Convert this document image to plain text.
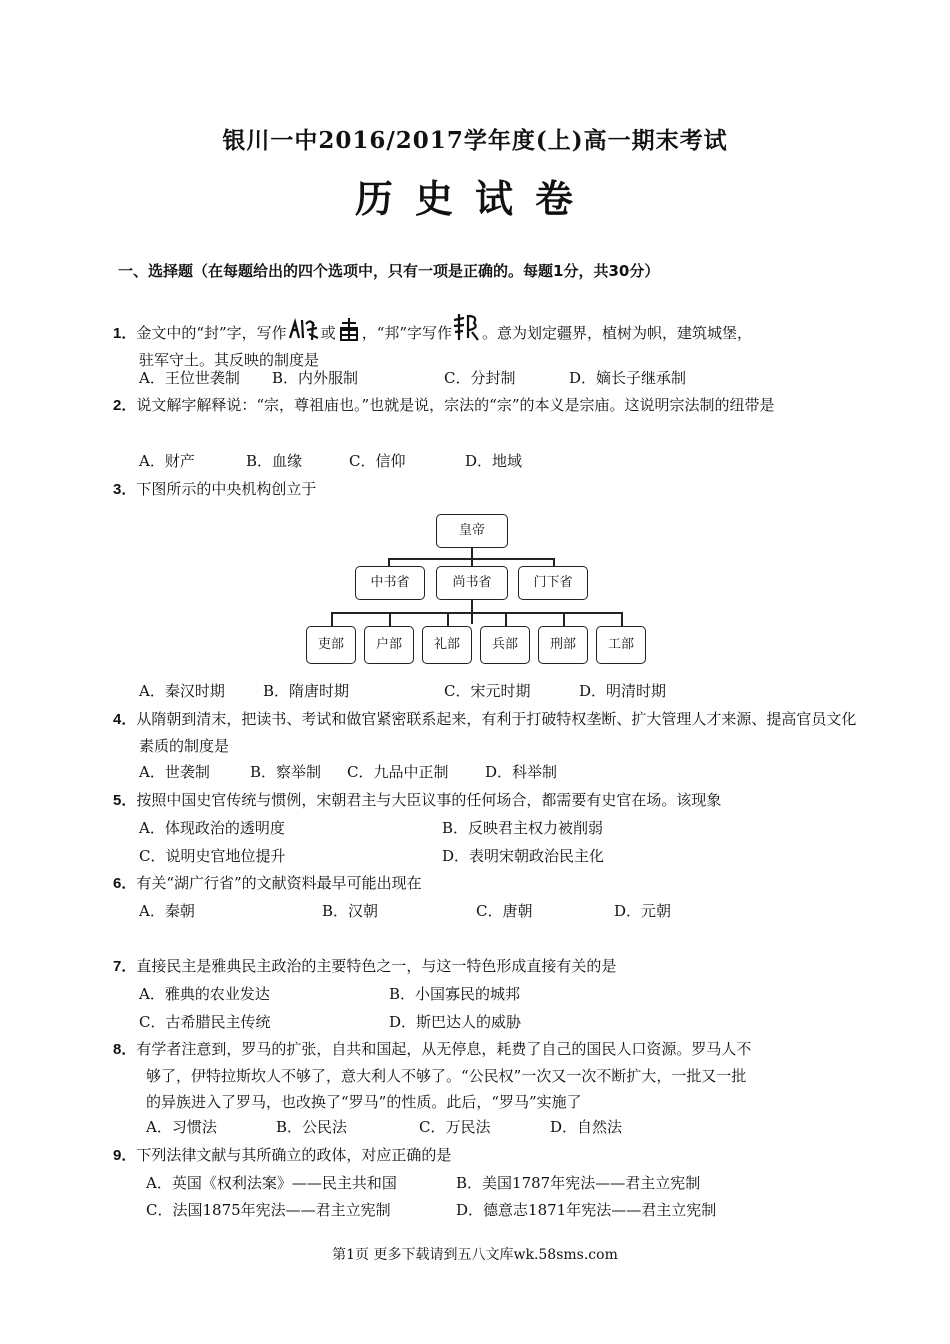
银川一中2016/2017学年度(上)高一期末考试
历史试卷
一、选择题（在每题给出的四个选项中，只有一项是正确的。每题1分，共30分）
1．金文中的“封”字，写作 或 ，“邦”字写作 。意为划定疆界，植树为帜，建筑城堡，
驻军守土。其反映的制度是
A．王位世袭制 B．内外服制	C．分封制	D．嫡长子继承制
2．说文解字解释说：“宗，尊祖庙也。”也就是说，宗法的“宗”的本义是宗庙。这说明宗法制的纽带是
A．财产	B．血缘	C．信仰	D．地域
3．下图所示的中央机构创立于
皇帝
中书省	尚书省	门下省
吏部	户部	礼部	兵部	刑部	工部
A．秦汉时期	B．隋唐时期	C．宋元时期	D．明清时期
4．从隋朝到清末，把读书、考试和做官紧密联系起来，有利于打破特权垄断、扩大管理人才来源、提高官员文化素质的制度是
A．世袭制	B．察举制 C．九品中正制 D．科举制
5．按照中国史官传统与惯例，宋朝君主与大臣议事的任何场合，都需要有史官在场。该现象
A．体现政治的透明度	B．反映君主权力被削弱
C．说明史官地位提升	D．表明宋朝政治民主化
6．有关“湖广行省”的文献资料最早可能出现在
A．秦朝	B．汉朝	C．唐朝	D．元朝
7．直接民主是雅典民主政治的主要特色之一，与这一特色形成直接有关的是
A．雅典的农业发达	B．小国寡民的城邦
C．古希腊民主传统	D．斯巴达人的威胁
8．有学者注意到，罗马的扩张，自共和国起，从无停息，耗费了自己的国民人口资源。罗马人不
够了，伊特拉斯坎人不够了，意大利人不够了。“公民权”一次又一次不断扩大，一批又一批
的异族进入了罗马，也改换了“罗马”的性质。此后，“罗马”实施了
A．习惯法	B．公民法	C．万民法	D．自然法
9．下列法律文献与其所确立的政体，对应正确的是
A．英国《权利法案》——民主共和国	B．美国1787年宪法——君主立宪制
C．法国1875年宪法——君主立宪制	D．德意志1871年宪法——君主立宪制
第1页 更多下载请到五八文库wk.58sms.com
